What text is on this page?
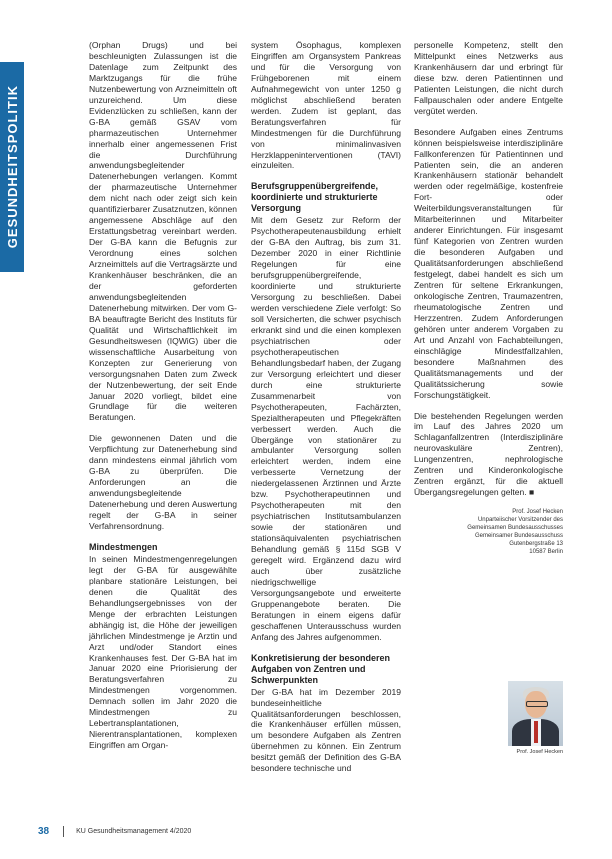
GESUNDHEITSPOLITIK

(Orphan Drugs) und bei beschleunigten Zulassungen ist die Datenlage zum Zeitpunkt des Marktzugangs für die frühe Nutzenbewertung von Arzneimitteln oft unzureichend. Um diese Evidenzlücken zu schließen, kann der G-BA gemäß GSAV vom pharmazeutischen Unternehmer innerhalb einer angemessenen Frist die Durchführung anwendungsbegleitender Datenerhebungen verlangen. Kommt der pharmazeutische Unternehmer dem nicht nach oder zeigt sich kein quantifizierbarer Zusatznutzen, können angemessene Abschläge auf den Erstattungsbetrag vereinbart werden. Der G-BA kann die Befugnis zur Verordnung eines solchen Arzneimittels auf die Vertragsärzte und Krankenhäuser beschränken, die an der geforderten anwendungsbegleitenden Datenerhebung mitwirken. Der vom G-BA beauftragte Bericht des Instituts für Qualität und Wirtschaftlichkeit im Gesundheitswesen (IQWiG) über die wissenschaftliche Ausarbeitung von Konzepten zur Generierung von versorgungsnahen Daten zum Zweck der Nutzenbewertung, der seit Ende Januar 2020 vorliegt, bildet eine Grundlage für die weiteren Beratungen.

Die gewonnenen Daten und die Verpflichtung zur Datenerhebung sind dann mindestens einmal jährlich vom G-BA zu überprüfen. Die Anforderungen an die anwendungsbegleitende Datenerhebung und deren Auswertung regelt der G-BA in seiner Verfahrensordnung.

Mindestmengen

In seinen Mindestmengenregelungen legt der G-BA für ausgewählte planbare stationäre Leistungen, bei denen die Qualität des Behandlungsergebnisses von der Menge der erbrachten Leistungen abhängig ist, die Höhe der jeweiligen jährlichen Mindestmenge je Arztin und Arzt und/oder Standort eines Krankenhauses fest. Der G-BA hat im Januar 2020 eine Priorisierung der Beratungsverfahren zu Mindestmengen vorgenommen. Demnach sollen im Jahr 2020 die Mindestmengen zu Lebertransplantationen, Nierentransplantationen, komplexen Eingriffen am Organ-

system Ösophagus, komplexen Eingriffen am Organsystem Pankreas und für die Versorgung von Frühgeborenen mit einem Aufnahmegewicht von unter 1250 g möglichst abschließend beraten werden. Zudem ist geplant, das Beratungsverfahren für Mindestmengen für die Durchführung von minimalinvasiven Herzklappeninterventionen (TAVI) einzuleiten.

Berufsgruppenübergreifende, koordinierte und strukturierte Versorgung

Mit dem Gesetz zur Reform der Psychotherapeutenausbildung erhielt der G-BA den Auftrag, bis zum 31. Dezember 2020 in einer Richtlinie Regelungen für eine berufsgruppenübergreifende, koordinierte und strukturierte Versorgung zu beschließen. Dabei werden verschiedene Ziele verfolgt: So soll Versicherten, die schwer psychisch erkrankt sind und die einen komplexen psychiatrischen oder psychotherapeutischen Behandlungsbedarf haben, der Zugang zur Versorgung erleichtert und dieser durch eine strukturierte Zusammenarbeit von Psychotherapeuten, Fachärzten, Spezialtherapeuten und Pflegekräften verbessert werden. Auch die Übergänge von stationärer zu ambulanter Versorgung sollen erleichtert werden, indem eine verbesserte Vernetzung der niedergelassenen Ärztinnen und Ärzte bzw. Psychotherapeutinnen und Psychotherapeuten mit den psychiatrischen Institutsambulanzen sowie der stationären und stationsäquivalenten psychiatrischen Behandlung gemäß § 115d SGB V geregelt wird. Ergänzend dazu wird auch über zusätzliche niedrigschwellige Versorgungsangebote und erweiterte Gruppenangebote beraten. Die Beratungen in einem eigens dafür geschaffenen Unterausschuss wurden Anfang des Jahres aufgenommen.

Konkretisierung der besonderen Aufgaben von Zentren und Schwerpunkten

Der G-BA hat im Dezember 2019 bundeseinheitliche Qualitätsanforderungen beschlossen, die Krankenhäuser erfüllen müssen, um besondere Aufgaben als Zentren übernehmen zu können. Ein Zentrum besitzt gemäß der Definition des G-BA besondere technische und

personelle Kompetenz, stellt den Mittelpunkt eines Netzwerks aus Krankenhäusern dar und erbringt für diese bzw. deren Patientinnen und Patienten Leistungen, die nicht durch Fallpauschalen oder andere Entgelte vergütet werden.

Besondere Aufgaben eines Zentrums können beispielsweise interdisziplinäre Fallkonferenzen für Patientinnen und Patienten sein, die an anderen Krankenhäusern stationär behandelt werden oder regelmäßige, kostenfreie Fort- oder Weiterbildungsveranstaltungen für Mitarbeiterinnen und Mitarbeiter anderer Einrichtungen. Für insgesamt fünf Kategorien von Zentren wurden die besonderen Aufgaben und Qualitätsanforderungen abschließend festgelegt, dabei handelt es sich um Zentren für seltene Erkrankungen, onkologische Zentren, Traumazentren, rheumatologische Zentren und Herzzentren. Zudem Anforderungen gehören unter anderem Vorgaben zu Art und Anzahl von Fachabteilungen, einschlägige Mindestfallzahlen, besondere Maßnahmen des Qualitätsmanagements und der Qualitätssicherung sowie Forschungstätigkeit.

Die bestehenden Regelungen werden im Lauf des Jahres 2020 um Schlaganfallzentren (Interdisziplinäre neurovaskuläre Zentren), Lungenzentren, nephrologische Zentren und Kinderonkologische Zentren ergänzt, für die aktuell Übergangsregelungen gelten. ■

Prof. Josef Hecken
Unparteiischer Vorsitzender des
Gemeinsamen Bundesausschusses
Gemeinsamer Bundesausschuss
Gutenbergstraße 13
10587 Berlin
Prof. Josef Hecken
38	KU Gesundheitsmanagement 4/2020
